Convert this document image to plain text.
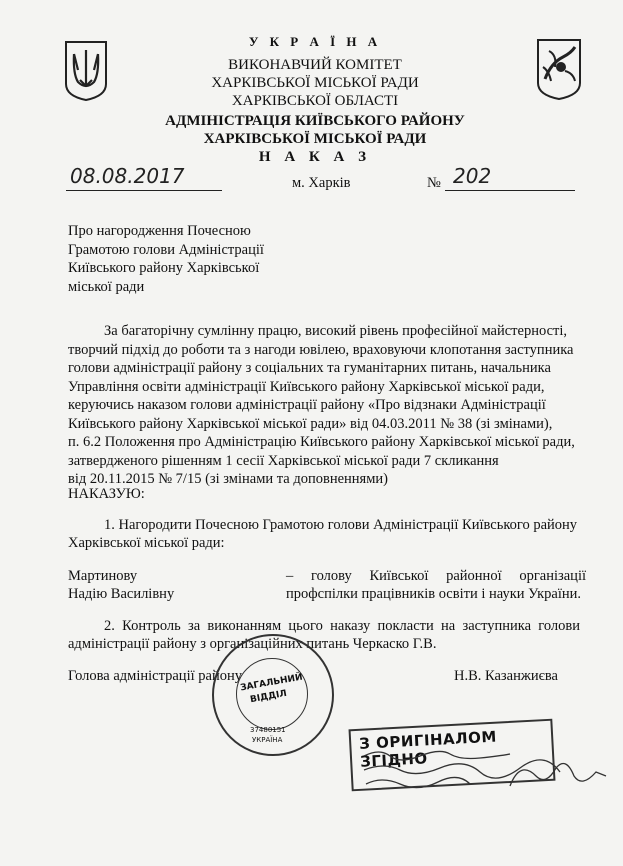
У К Р А Ї Н А
ВИКОНАВЧИЙ КОМІТЕТ
ХАРКІВСЬКОЇ МІСЬКОЇ РАДИ
ХАРКІВСЬКОЇ ОБЛАСТІ
АДМІНІСТРАЦІЯ КИЇВСЬКОГО РАЙОНУ
ХАРКІВСЬКОЇ МІСЬКОЇ РАДИ
Н А К А З
08.08.2017	м. Харків	№ 202
Про нагородження Почесною
Грамотою голови Адміністрації
Київського району Харківської
міської ради
За багаторічну сумлінну працю, високий рівень професійної майстерності,
творчий підхід до роботи та з нагоди ювілею, враховуючи клопотання заступника
голови адміністрації району з соціальних та гуманітарних питань, начальника
Управління освіти адміністрації Київського району Харківської міської ради,
керуючись наказом голови адміністрації району «Про відзнаки Адміністрації
Київського району Харківської міської ради» від 04.03.2011 № 38 (зі змінами),
п. 6.2 Положення про Адміністрацію Київського району Харківської міської ради,
затвердженого рішенням 1 сесії Харківської міської ради 7 скликання
від 20.11.2015 № 7/15 (зі змінами та доповненнями)
НАКАЗУЮ:
1. Нагородити Почесною Грамотою голови Адміністрації Київського району
Харківської міської ради:
Мартинову
Надію Василівну
– голову Київської районної організації
профспілки працівників освіти і науки України.
2. Контроль за виконанням цього наказу покласти на заступника голови
адміністрації району з організаційних питань Черкаско Г.В.
Голова адміністрації району	Н.В. Казанжиєва
ЗАГАЛЬНИЙ
ВІДДІЛ
37480151
УКРАЇНА	З ОРИГІНАЛОМ ЗГІДНО
